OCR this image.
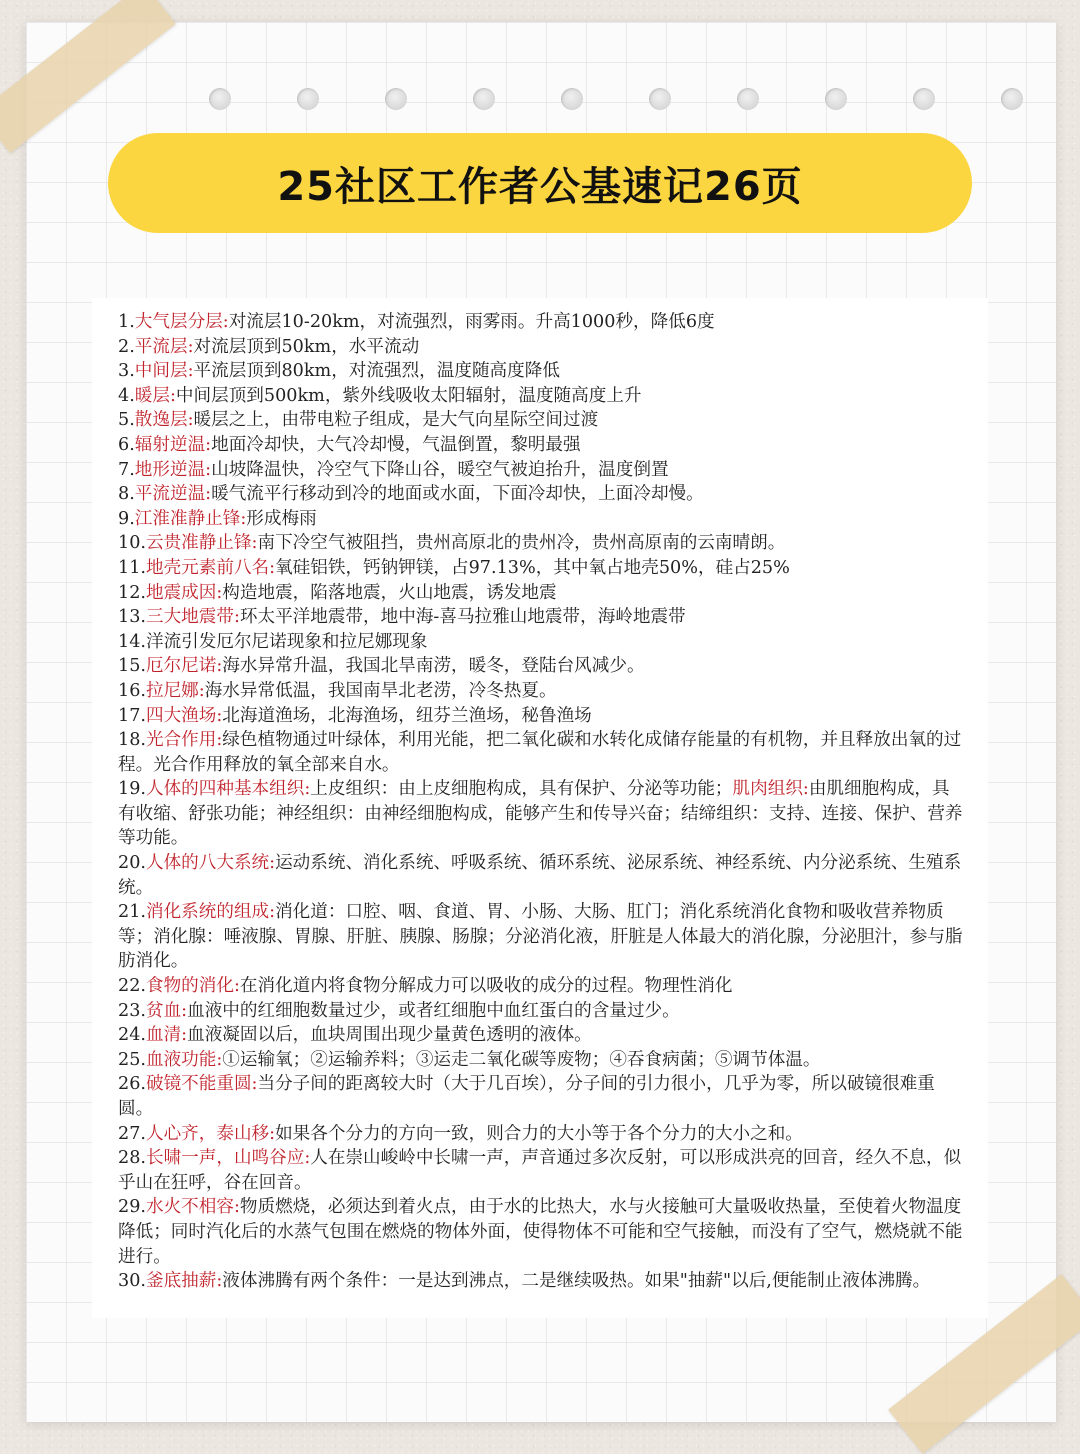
25社区工作者公基速记26页

1.大气层分层:对流层10-20km，对流强烈，雨雾雨。升高1000秒，降低6度

2.平流层:对流层顶到50km，水平流动

3.中间层:平流层顶到80km，对流强烈，温度随高度降低

4.暖层:中间层顶到500km，紫外线吸收太阳辐射，温度随高度上升

5.散逸层:暖层之上，由带电粒子组成，是大气向星际空间过渡

6.辐射逆温:地面冷却快，大气冷却慢，气温倒置，黎明最强

7.地形逆温:山坡降温快，冷空气下降山谷，暖空气被迫抬升，温度倒置

8.平流逆温:暖气流平行移动到冷的地面或水面，下面冷却快，上面冷却慢。

9.江淮准静止锋:形成梅雨

10.云贵准静止锋:南下冷空气被阻挡，贵州高原北的贵州冷，贵州高原南的云南晴朗。

11.地壳元素前八名:氧硅铝铁，钙钠钾镁，占97.13%，其中氧占地壳50%，硅占25%

12.地震成因:构造地震，陷落地震，火山地震，诱发地震

13.三大地震带:环太平洋地震带，地中海-喜马拉雅山地震带，海岭地震带

14.洋流引发厄尔尼诺现象和拉尼娜现象

15.厄尔尼诺:海水异常升温，我国北旱南涝，暖冬，登陆台风减少。

16.拉尼娜:海水异常低温，我国南旱北老涝，冷冬热夏。

17.四大渔场:北海道渔场，北海渔场，纽芬兰渔场，秘鲁渔场

18.光合作用:绿色植物通过叶绿体，利用光能，把二氧化碳和水转化成储存能量的有机物，并且释放出氧的过程。光合作用释放的氧全部来自水。

19.人体的四种基本组织:上皮组织：由上皮细胞构成，具有保护、分泌等功能；肌肉组织:由肌细胞构成，具有收缩、舒张功能；神经组织：由神经细胞构成，能够产生和传导兴奋；结缔组织：支持、连接、保护、营养等功能。

20.人体的八大系统:运动系统、消化系统、呼吸系统、循环系统、泌尿系统、神经系统、内分泌系统、生殖系统。

21.消化系统的组成:消化道：口腔、咽、食道、胃、小肠、大肠、肛门；消化系统消化食物和吸收营养物质等；消化腺：唾液腺、胃腺、肝脏、胰腺、肠腺；分泌消化液，肝脏是人体最大的消化腺，分泌胆汁，参与脂肪消化。

22.食物的消化:在消化道内将食物分解成力可以吸收的成分的过程。物理性消化

23.贫血:血液中的红细胞数量过少，或者红细胞中血红蛋白的含量过少。

24.血清:血液凝固以后，血块周围出现少量黄色透明的液体。

25.血液功能:①运输氧；②运输养料；③运走二氧化碳等废物；④吞食病菌；⑤调节体温。

26.破镜不能重圆:当分子间的距离较大时（大于几百埃），分子间的引力很小，几乎为零，所以破镜很难重圆。

27.人心齐，泰山移:如果各个分力的方向一致，则合力的大小等于各个分力的大小之和。

28.长啸一声，山鸣谷应:人在崇山峻岭中长啸一声，声音通过多次反射，可以形成洪亮的回音，经久不息，似乎山在狂呼，谷在回音。

29.水火不相容:物质燃烧，必须达到着火点，由于水的比热大，水与火接触可大量吸收热量，至使着火物温度降低；同时汽化后的水蒸气包围在燃烧的物体外面，使得物体不可能和空气接触，而没有了空气，燃烧就不能进行。

30.釜底抽薪:液体沸腾有两个条件：一是达到沸点，二是继续吸热。如果"抽薪"以后,便能制止液体沸腾。
